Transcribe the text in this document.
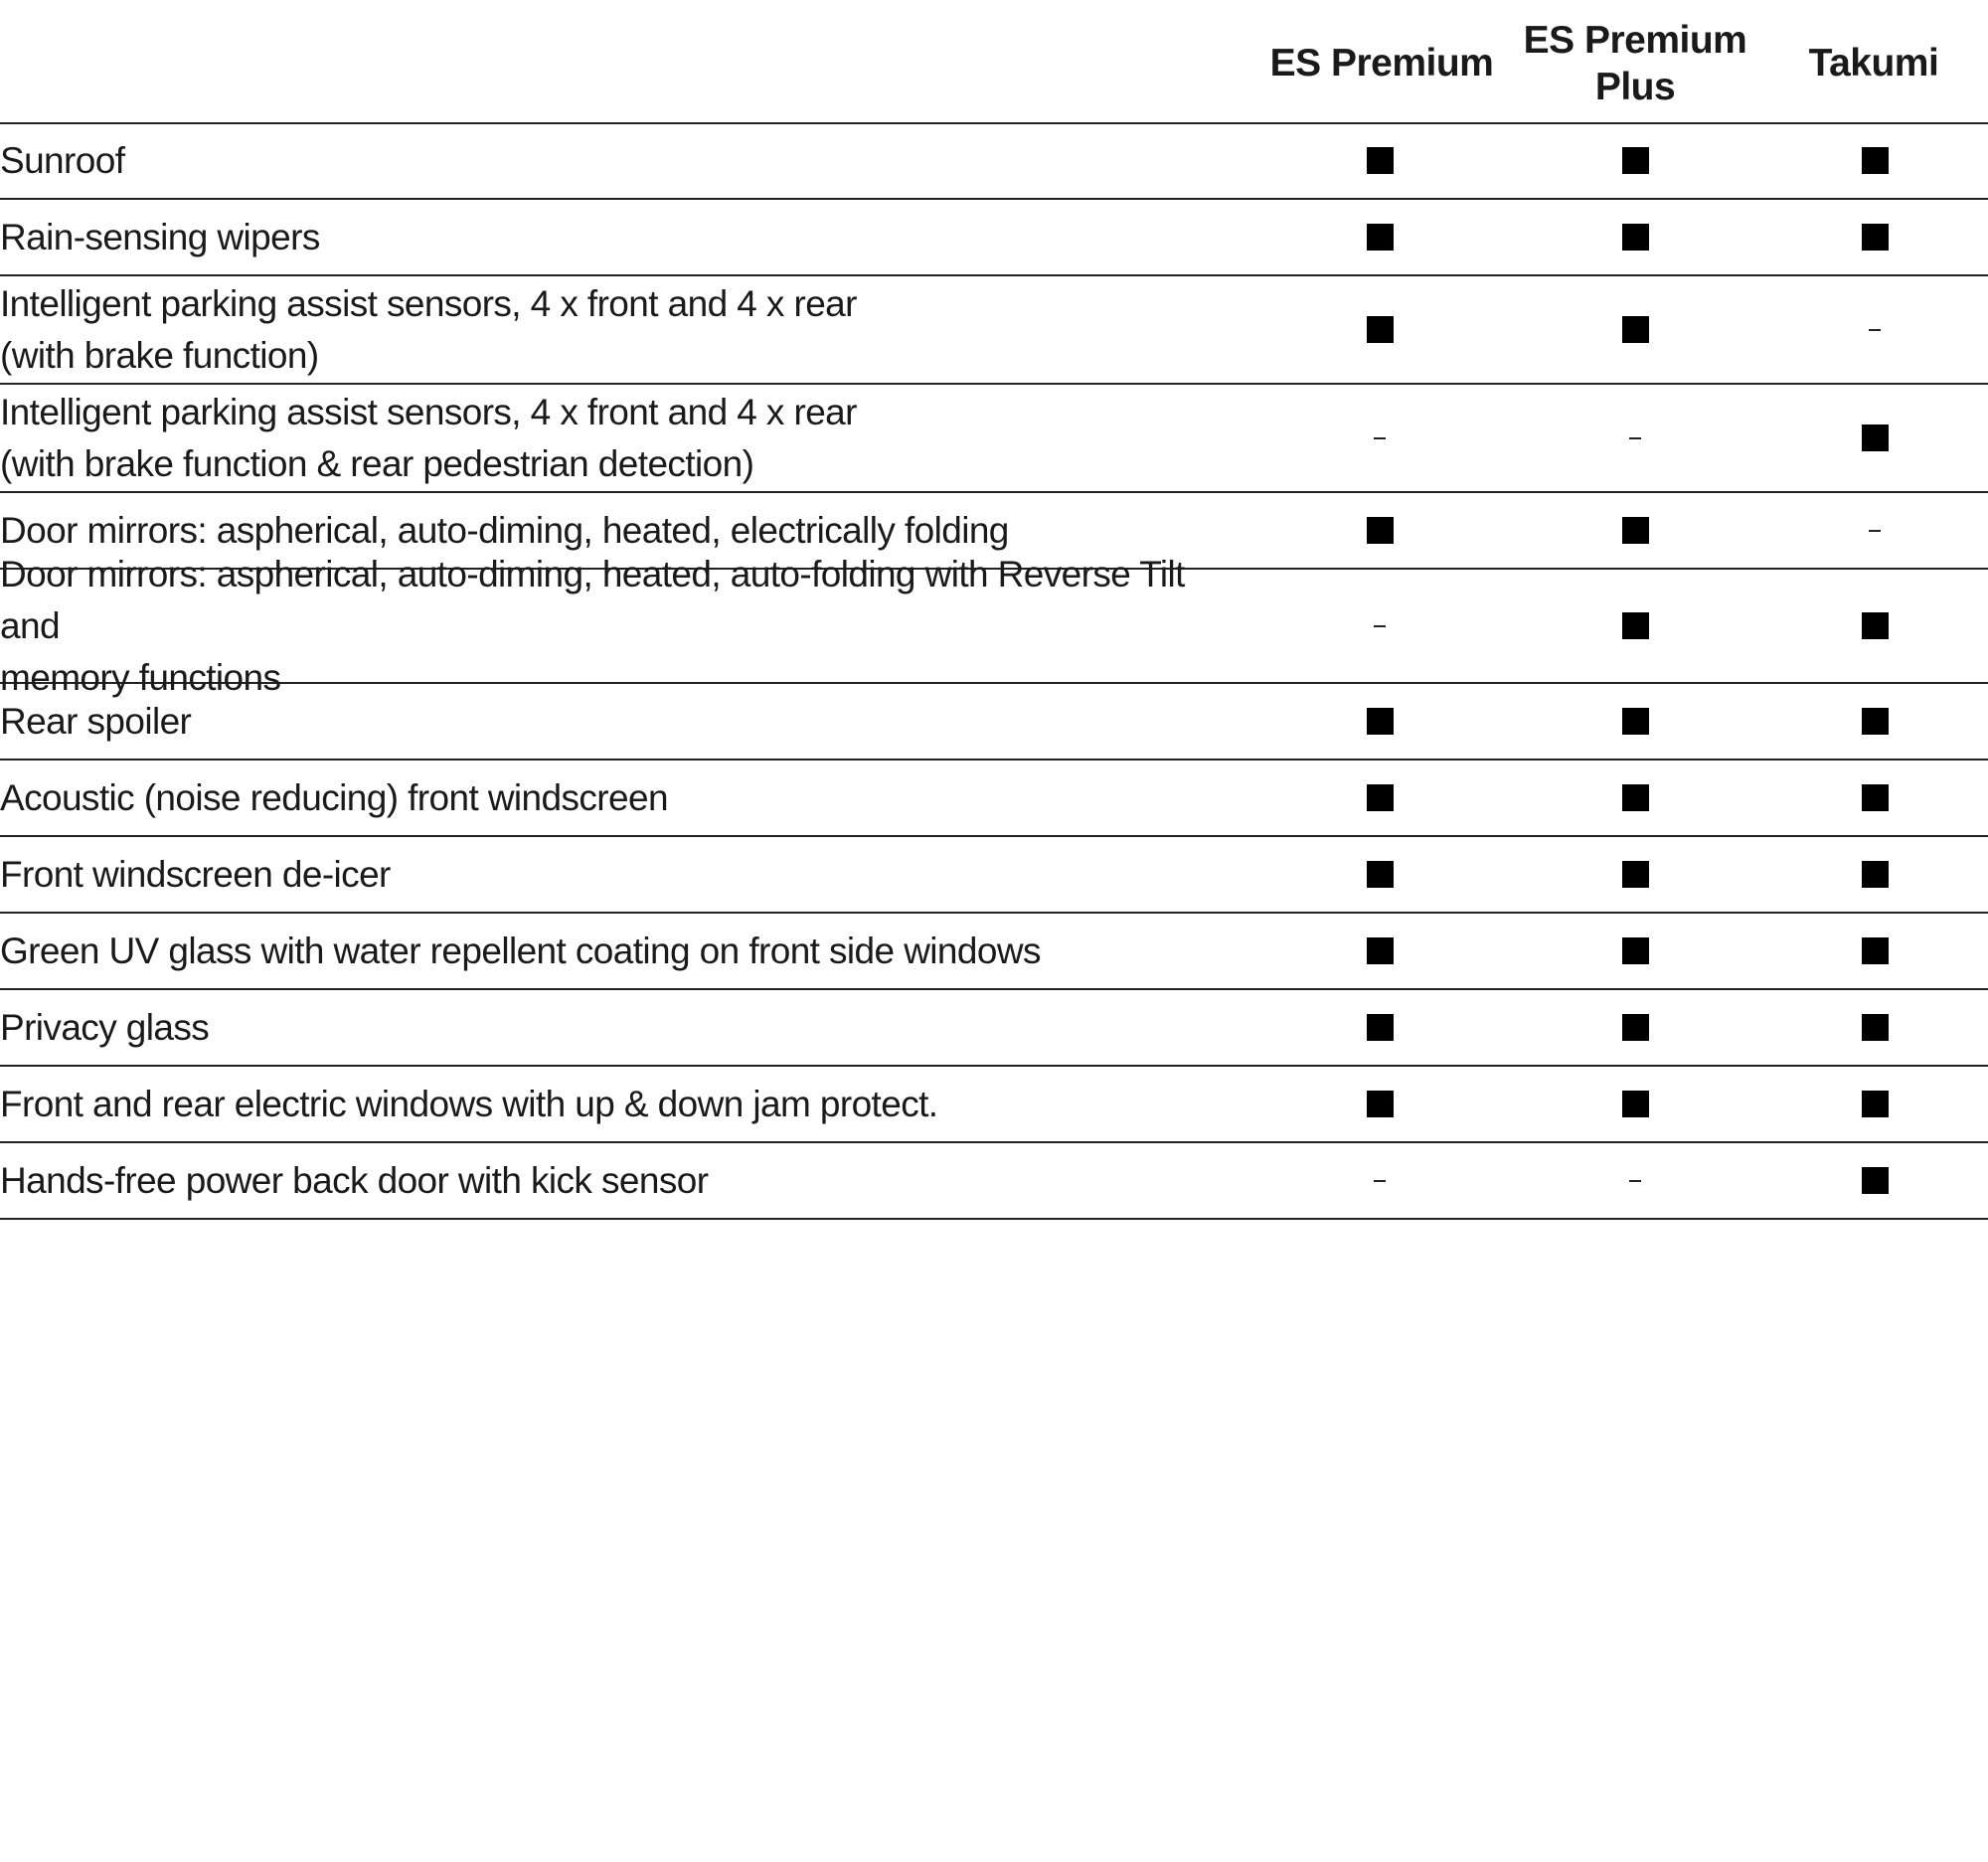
ES Premium
ES Premium
Plus
Takumi
Sunroof
Rain-sensing wipers
Intelligent parking assist sensors, 4 x front and 4 x rear
(with brake function)
Intelligent parking assist sensors, 4 x front and 4 x rear
(with brake function & rear pedestrian detection)
Door mirrors: aspherical, auto-diming, heated, electrically folding
Door mirrors: aspherical, auto-diming, heated, auto-folding with Reverse Tilt and
memory functions
Rear spoiler
Acoustic (noise reducing) front windscreen
Front windscreen de-icer
Green UV glass with water repellent coating on front side windows
Privacy glass
Front and rear electric windows with up & down jam protect.
Hands-free power back door with kick sensor
